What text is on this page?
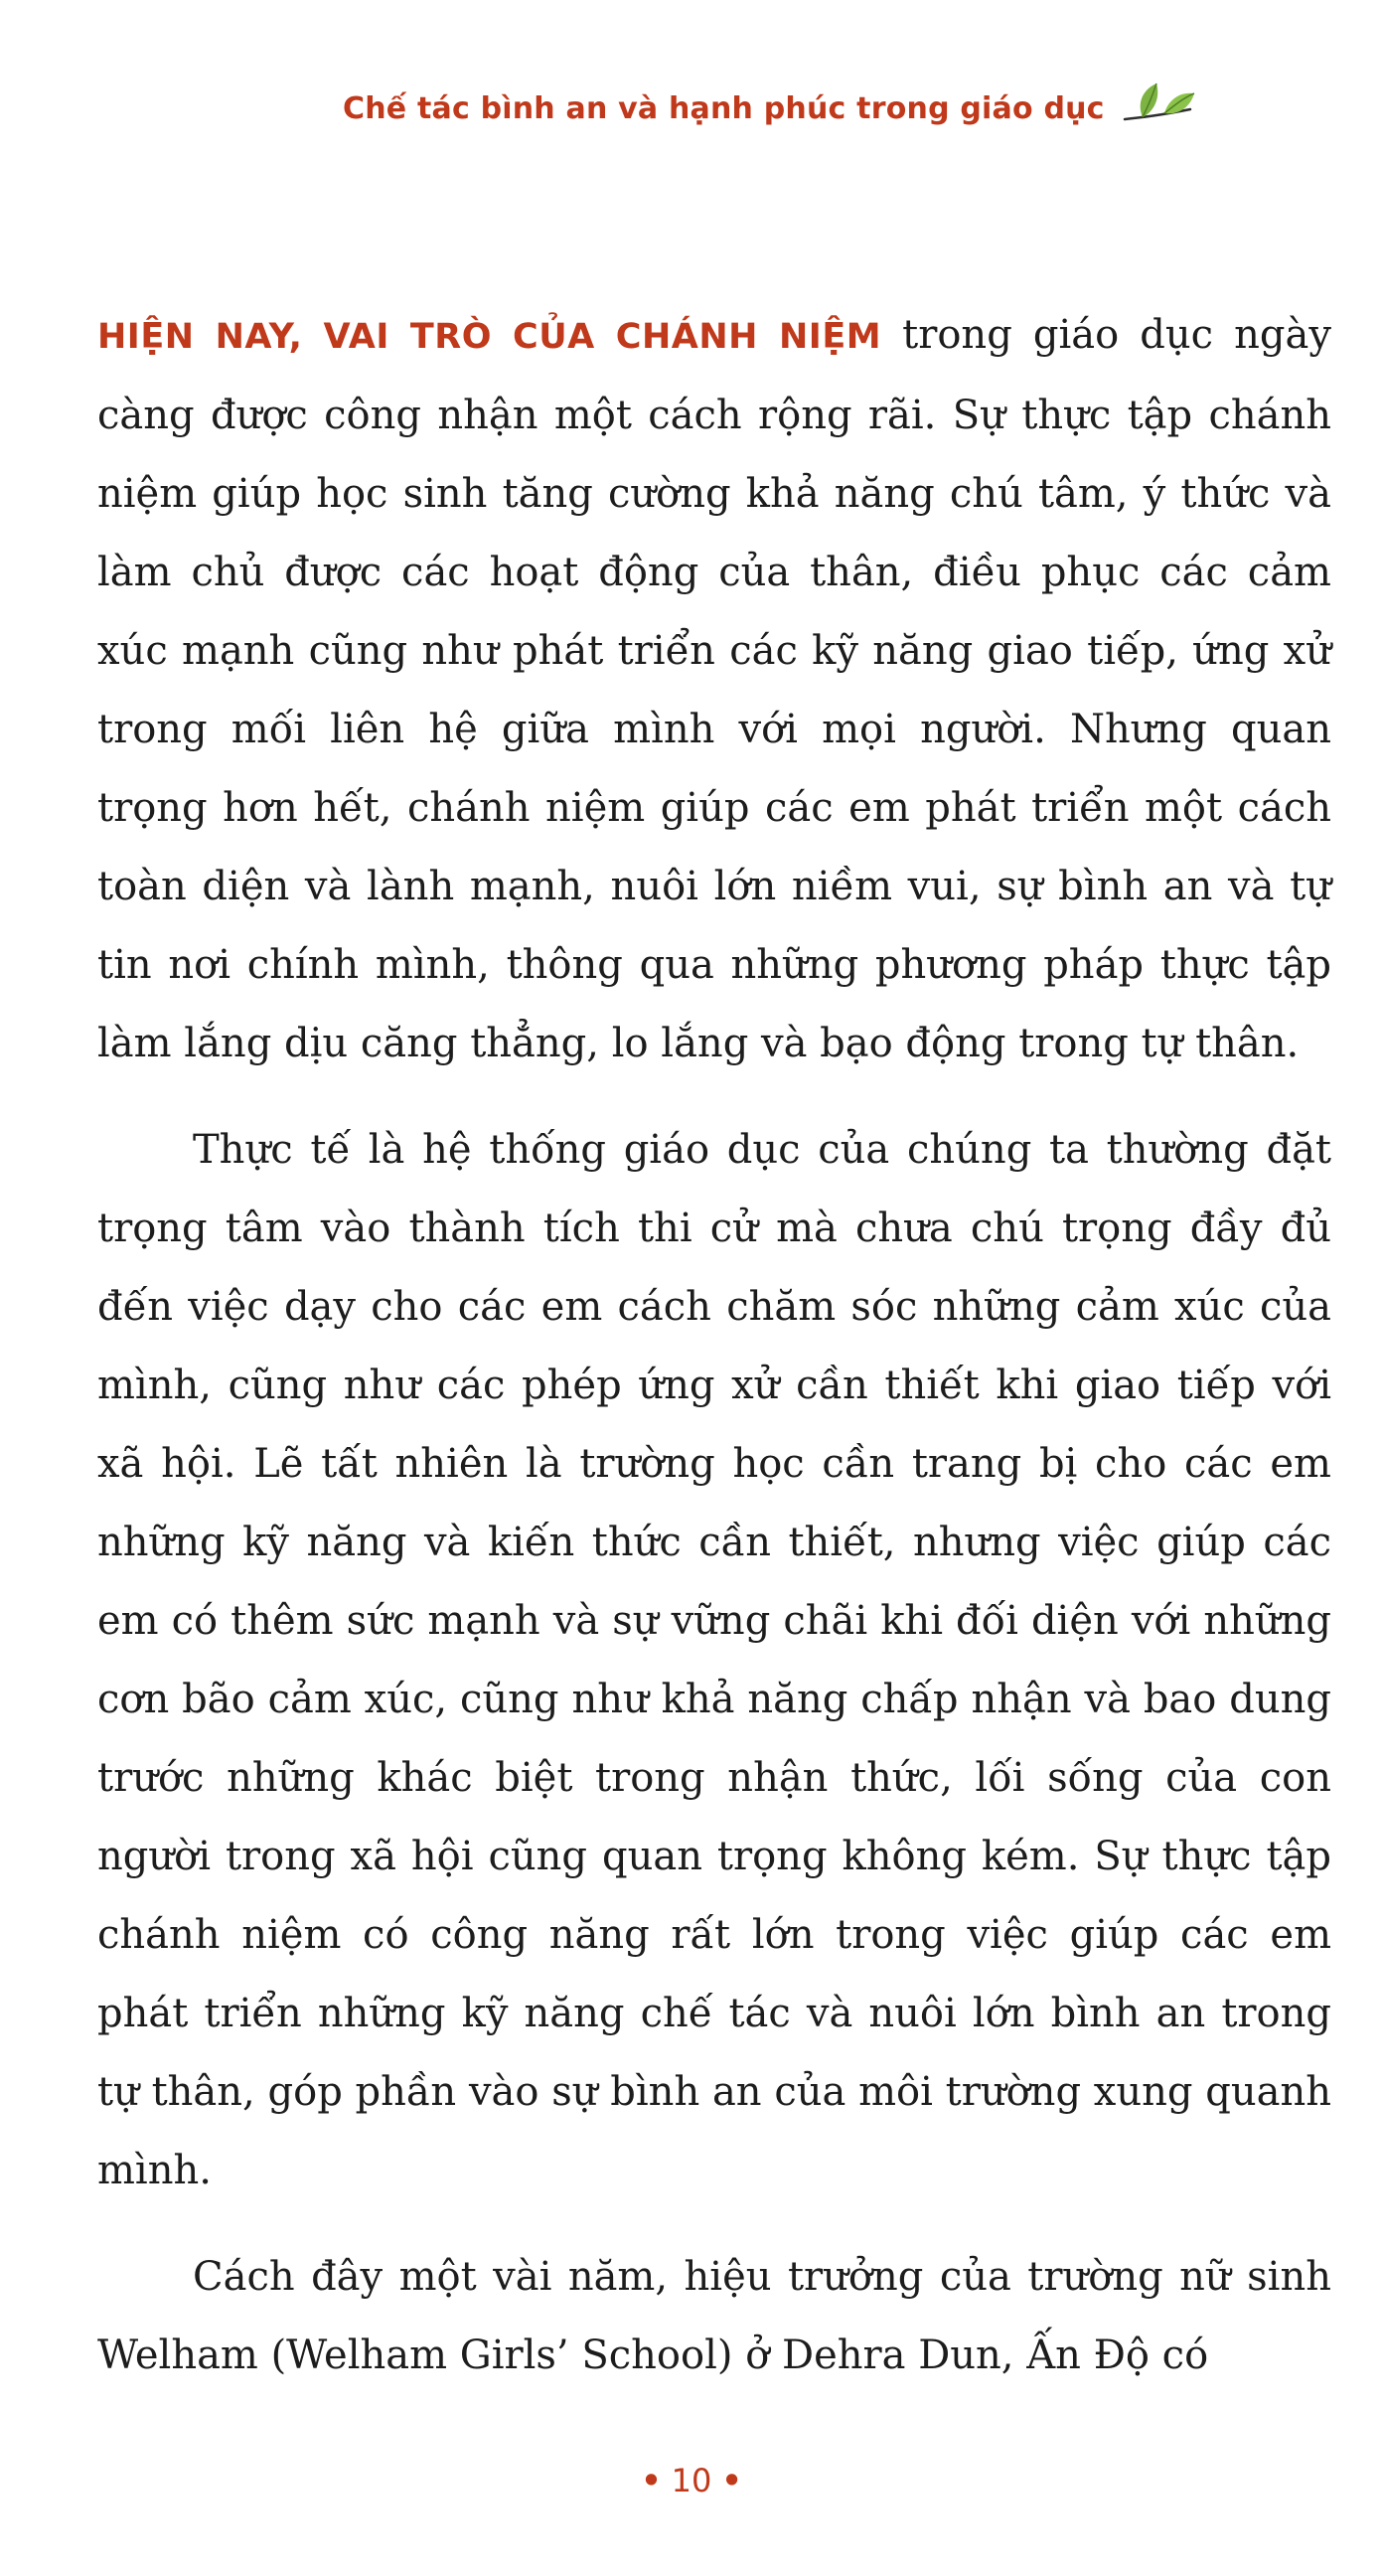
Chế tác bình an và hạnh phúc trong giáo dục

HIỆN NAY, VAI TRÒ CỦA CHÁNH NIỆM trong giáo dục ngày càng được công nhận một cách rộng rãi. Sự thực tập chánh niệm giúp học sinh tăng cường khả năng chú tâm, ý thức và làm chủ được các hoạt động của thân, điều phục các cảm xúc mạnh cũng như phát triển các kỹ năng giao tiếp, ứng xử trong mối liên hệ giữa mình với mọi người. Nhưng quan trọng hơn hết, chánh niệm giúp các em phát triển một cách toàn diện và lành mạnh, nuôi lớn niềm vui, sự bình an và tự tin nơi chính mình, thông qua những phương pháp thực tập làm lắng dịu căng thẳng, lo lắng và bạo động trong tự thân.

Thực tế là hệ thống giáo dục của chúng ta thường đặt trọng tâm vào thành tích thi cử mà chưa chú trọng đầy đủ đến việc dạy cho các em cách chăm sóc những cảm xúc của mình, cũng như các phép ứng xử cần thiết khi giao tiếp với xã hội. Lẽ tất nhiên là trường học cần trang bị cho các em những kỹ năng và kiến thức cần thiết, nhưng việc giúp các em có thêm sức mạnh và sự vững chãi khi đối diện với những cơn bão cảm xúc, cũng như khả năng chấp nhận và bao dung trước những khác biệt trong nhận thức, lối sống của con người trong xã hội cũng quan trọng không kém. Sự thực tập chánh niệm có công năng rất lớn trong việc giúp các em phát triển những kỹ năng chế tác và nuôi lớn bình an trong tự thân, góp phần vào sự bình an của môi trường xung quanh mình.

Cách đây một vài năm, hiệu trưởng của trường nữ sinh Welham (Welham Girls’ School) ở Dehra Dun, Ấn Độ có

• 10 •
